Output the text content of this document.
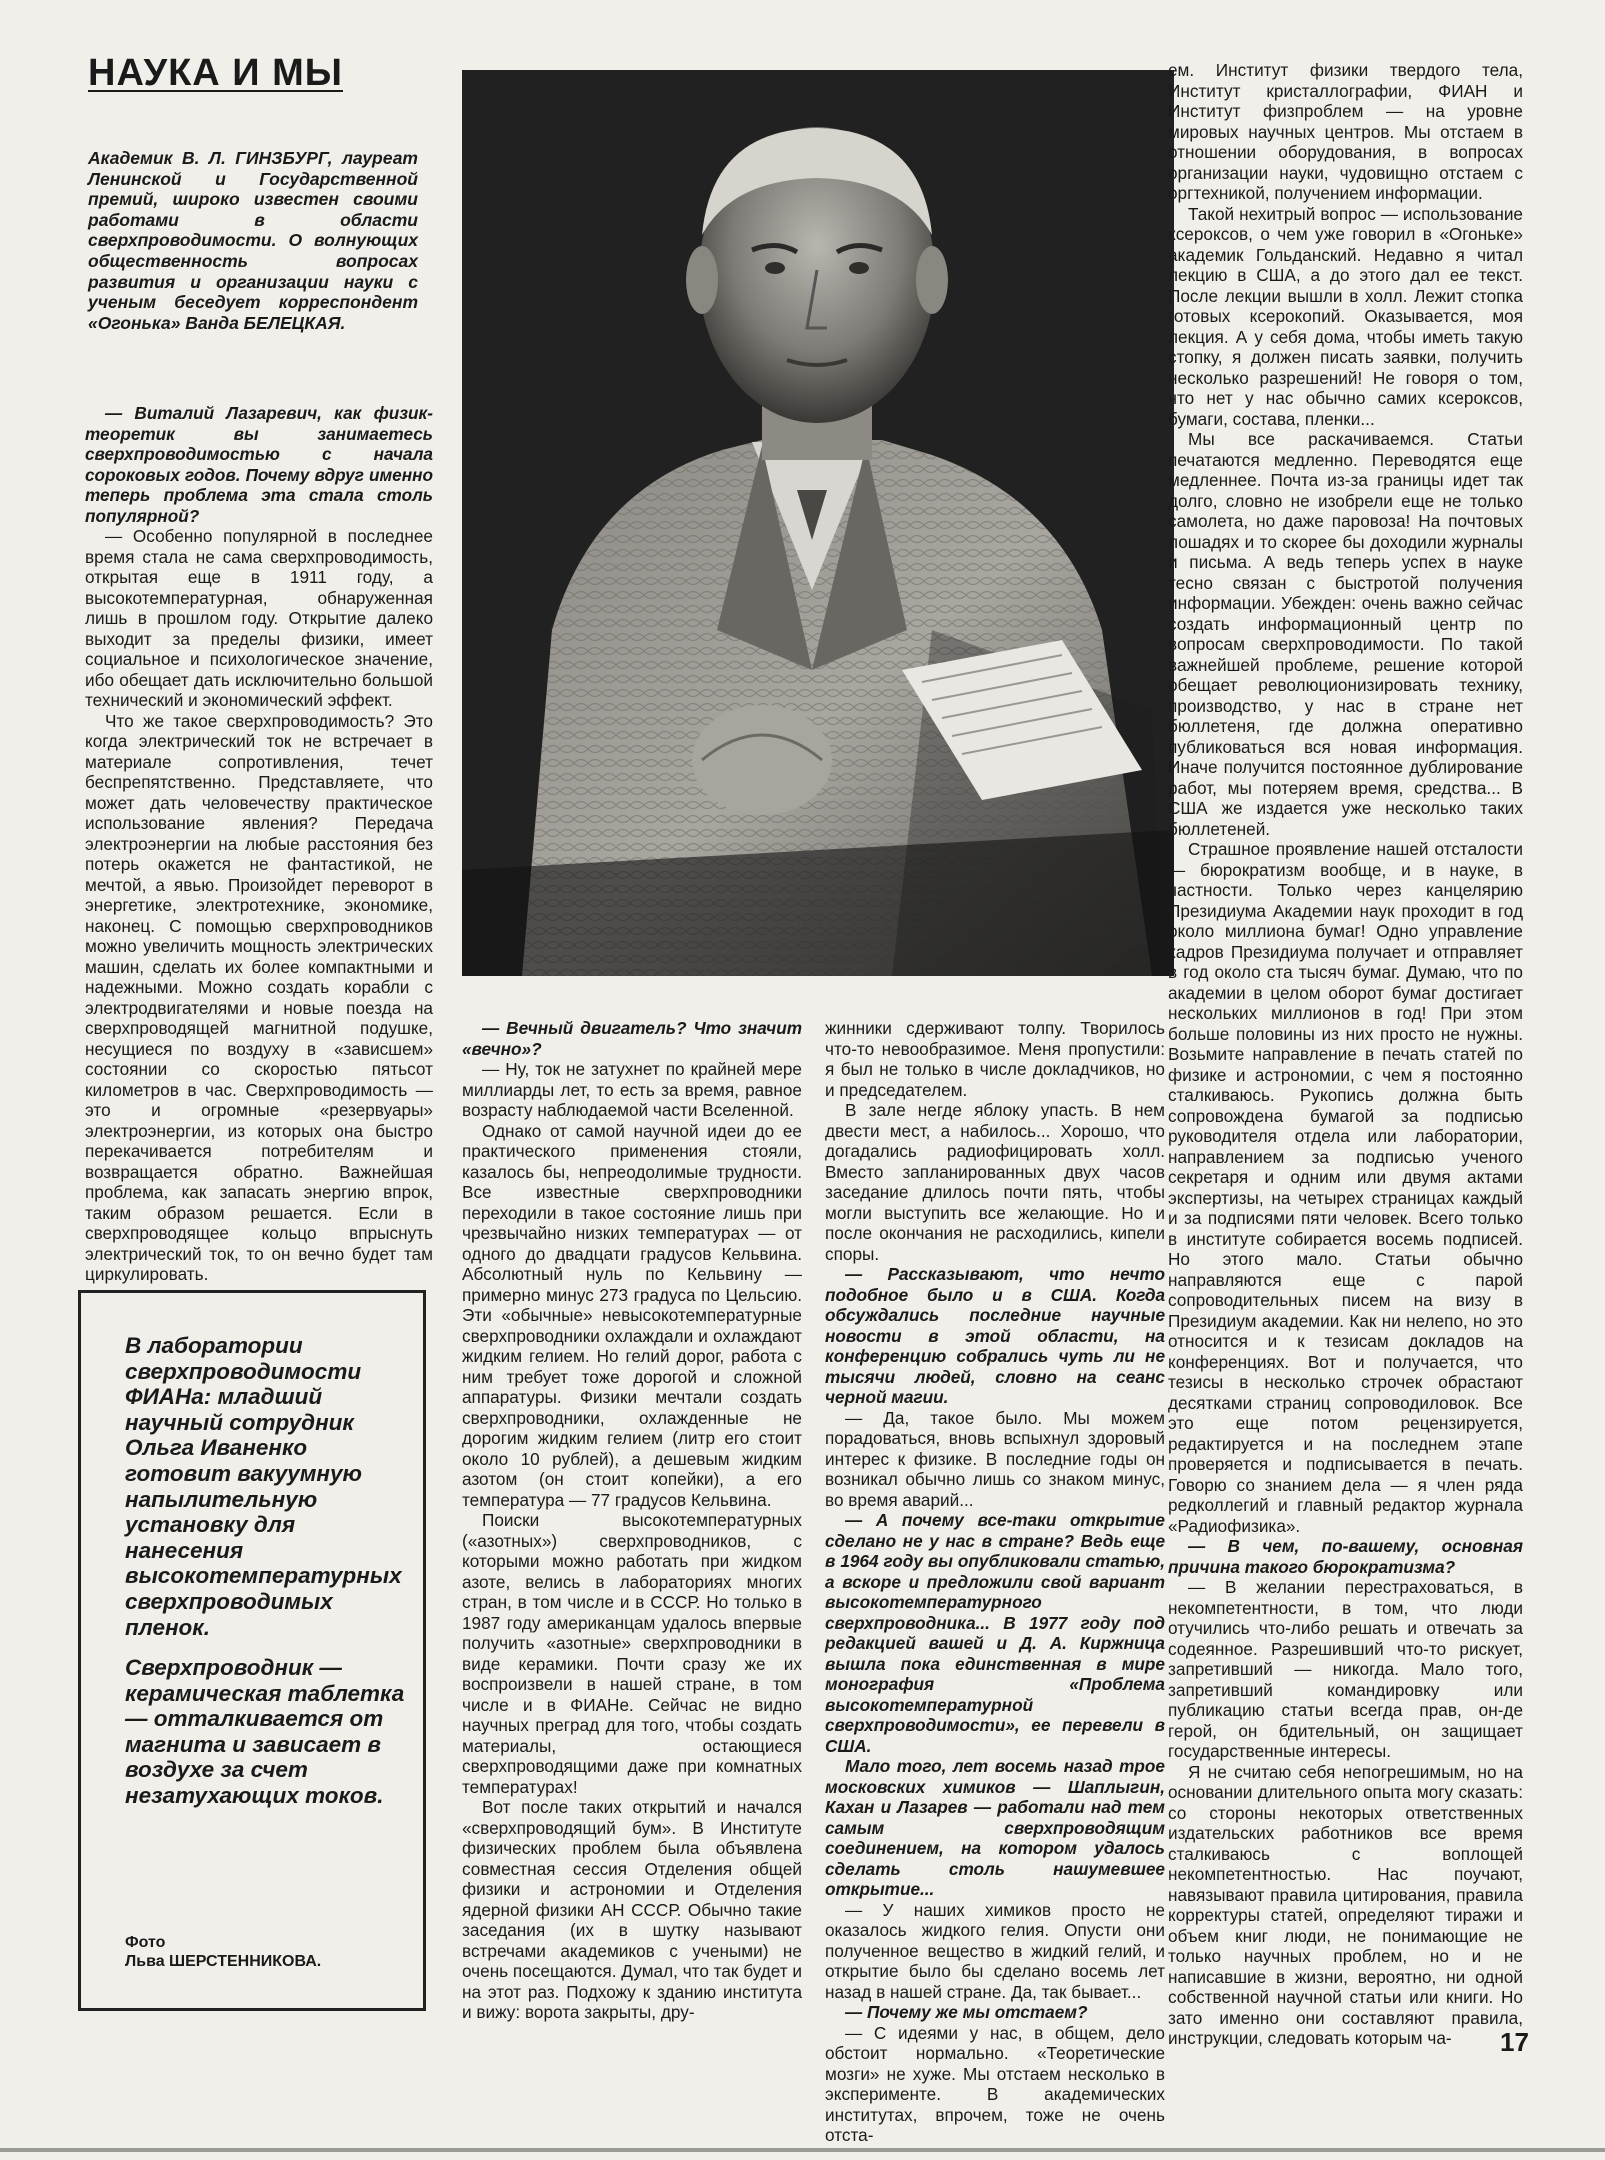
НАУКА И МЫ
Академик В. Л. ГИНЗБУРГ, лауреат Ленинской и Государственной премий, широко известен своими работами в области сверхпроводимости. О волнующих общественность вопросах развития и организации науки с ученым беседует корреспондент «Огонька» Ванда БЕЛЕЦКАЯ.

— Виталий Лазаревич, как физик-теоретик вы занимаетесь сверхпроводимостью с начала сороковых годов. Почему вдруг именно теперь проблема эта стала столь популярной?

— Особенно популярной в последнее время стала не сама сверхпроводимость, открытая еще в 1911 году, а высокотемпературная, обнаруженная лишь в прошлом году. Открытие далеко выходит за пределы физики, имеет социальное и психологическое значение, ибо обещает дать исключительно большой технический и экономический эффект.

Что же такое сверхпроводимость? Это когда электрический ток не встречает в материале сопротивления, течет беспрепятственно. Представляете, что может дать человечеству практическое использование явления? Передача электроэнергии на любые расстояния без потерь окажется не фантастикой, не мечтой, а явью. Произойдет переворот в энергетике, электротехнике, экономике, наконец. С помощью сверхпроводников можно увеличить мощность электрических машин, сделать их более компактными и надежными. Можно создать корабли с электродвигателями и новые поезда на сверхпроводящей магнитной подушке, несущиеся по воздуху в «зависшем» состоянии со скоростью пятьсот километров в час. Сверхпроводимость — это и огромные «резервуары» электроэнергии, из которых она быстро перекачивается потребителям и возвращается обратно. Важнейшая проблема, как запасать энергию впрок, таким образом решается. Если в сверхпроводящее кольцо впрыснуть электрический ток, то он вечно будет там циркулировать.

В лаборатории сверхпроводимости ФИАНа: младший научный сотрудник Ольга Иваненко готовит вакуумную напылительную установку для нанесения высокотемпературных сверхпроводимых пленок.
Сверхпроводник — керамическая таблетка — отталкивается от магнита и зависает в воздухе за счет незатухающих токов.
Фото
Льва ШЕРСТЕННИКОВА.

— Вечный двигатель? Что значит «вечно»?

— Ну, ток не затухнет по крайней мере миллиарды лет, то есть за время, равное возрасту наблюдаемой части Вселенной.

Однако от самой научной идеи до ее практического применения стояли, казалось бы, непреодолимые трудности. Все известные сверхпроводники переходили в такое состояние лишь при чрезвычайно низких температурах — от одного до двадцати градусов Кельвина. Абсолютный нуль по Кельвину — примерно минус 273 градуса по Цельсию. Эти «обычные» невысокотемпературные сверхпроводники охлаждали и охлаждают жидким гелием. Но гелий дорог, работа с ним требует тоже дорогой и сложной аппаратуры. Физики мечтали создать сверхпроводники, охлажденные не дорогим жидким гелием (литр его стоит около 10 рублей), а дешевым жидким азотом (он стоит копейки), а его температура — 77 градусов Кельвина.

Поиски высокотемпературных («азотных») сверхпроводников, с которыми можно работать при жидком азоте, велись в лабораториях многих стран, в том числе и в СССР. Но только в 1987 году американцам удалось впервые получить «азотные» сверхпроводники в виде керамики. Почти сразу же их воспроизвели в нашей стране, в том числе и в ФИАНе. Сейчас не видно научных преград для того, чтобы создать материалы, остающиеся сверхпроводящими даже при комнатных температурах!

Вот после таких открытий и начался «сверхпроводящий бум». В Институте физических проблем была объявлена совместная сессия Отделения общей физики и астрономии и Отделения ядерной физики АН СССР. Обычно такие заседания (их в шутку называют встречами академиков с учеными) не очень посещаются. Думал, что так будет и на этот раз. Подхожу к зданию института и вижу: ворота закрыты, дру-

жинники сдерживают толпу. Творилось что-то невообразимое. Меня пропустили: я был не только в числе докладчиков, но и председателем.

В зале негде яблоку упасть. В нем двести мест, а набилось... Хорошо, что догадались радиофицировать холл. Вместо запланированных двух часов заседание длилось почти пять, чтобы могли выступить все желающие. Но и после окончания не расходились, кипели споры.

— Рассказывают, что нечто подобное было и в США. Когда обсуждались последние научные новости в этой области, на конференцию собрались чуть ли не тысячи людей, словно на сеанс черной магии.

— Да, такое было. Мы можем порадоваться, вновь вспыхнул здоровый интерес к физике. В последние годы он возникал обычно лишь со знаком минус, во время аварий...

— А почему все-таки открытие сделано не у нас в стране? Ведь еще в 1964 году вы опубликовали статью, а вскоре и предложили свой вариант высокотемпературного сверхпроводника... В 1977 году под редакцией вашей и Д. А. Киржница вышла пока единственная в мире монография «Проблема высокотемпературной сверхпроводимости», ее перевели в США.

Мало того, лет восемь назад трое московских химиков — Шаплыгин, Кахан и Лазарев — работали над тем самым сверхпроводящим соединением, на котором удалось сделать столь нашумевшее открытие...

— У наших химиков просто не оказалось жидкого гелия. Опусти они полученное вещество в жидкий гелий, и открытие было бы сделано восемь лет назад в нашей стране. Да, так бывает...

— Почему же мы отстаем?

— С идеями у нас, в общем, дело обстоит нормально. «Теоретические мозги» не хуже. Мы отстаем несколько в эксперименте. В академических институтах, впрочем, тоже не очень отста-

ем. Институт физики твердого тела, Институт кристаллографии, ФИАН и Институт физпроблем — на уровне мировых научных центров. Мы отстаем в отношении оборудования, в вопросах организации науки, чудовищно отстаем с оргтехникой, получением информации.

Такой нехитрый вопрос — использование ксероксов, о чем уже говорил в «Огоньке» академик Гольданский. Недавно я читал лекцию в США, а до этого дал ее текст. После лекции вышли в холл. Лежит стопка готовых ксерокопий. Оказывается, моя лекция. А у себя дома, чтобы иметь такую стопку, я должен писать заявки, получить несколько разрешений! Не говоря о том, что нет у нас обычно самих ксероксов, бумаги, состава, пленки...

Мы все раскачиваемся. Статьи печатаются медленно. Переводятся еще медленнее. Почта из-за границы идет так долго, словно не изобрели еще не только самолета, но даже паровоза! На почтовых лошадях и то скорее бы доходили журналы и письма. А ведь теперь успех в науке тесно связан с быстротой получения информации. Убежден: очень важно сейчас создать информационный центр по вопросам сверхпроводимости. По такой важнейшей проблеме, решение которой обещает революционизировать технику, производство, у нас в стране нет бюллетеня, где должна оперативно публиковаться вся новая информация. Иначе получится постоянное дублирование работ, мы потеряем время, средства... В США же издается уже несколько таких бюллетеней.

Страшное проявление нашей отсталости — бюрократизм вообще, и в науке, в частности. Только через канцелярию Президиума Академии наук проходит в год около миллиона бумаг! Одно управление кадров Президиума получает и отправляет в год около ста тысяч бумаг. Думаю, что по академии в целом оборот бумаг достигает нескольких миллионов в год! При этом больше половины из них просто не нужны. Возьмите направление в печать статей по физике и астрономии, с чем я постоянно сталкиваюсь. Рукопись должна быть сопровождена бумагой за подписью руководителя отдела или лаборатории, направлением за подписью ученого секретаря и одним или двумя актами экспертизы, на четырех страницах каждый и за подписями пяти человек. Всего только в институте собирается восемь подписей. Но этого мало. Статьи обычно направляются еще с парой сопроводительных писем на визу в Президиум академии. Как ни нелепо, но это относится и к тезисам докладов на конференциях. Вот и получается, что тезисы в несколько строчек обрастают десятками страниц сопроводиловок. Все это еще потом рецензируется, редактируется и на последнем этапе проверяется и подписывается в печать. Говорю со знанием дела — я член ряда редколлегий и главный редактор журнала «Радиофизика».

— В чем, по-вашему, основная причина такого бюрократизма?

— В желании перестраховаться, в некомпетентности, в том, что люди отучились что-либо решать и отвечать за содеянное. Разрешивший что-то рискует, запретивший — никогда. Мало того, запретивший командировку или публикацию статьи всегда прав, он-де герой, он бдительный, он защищает государственные интересы.

Я не считаю себя непогрешимым, но на основании длительного опыта могу сказать: со стороны некоторых ответственных издательских работников все время сталкиваюсь с воплощей некомпетентностью. Нас поучают, навязывают правила цитирования, правила корректуры статей, определяют тиражи и объем книг люди, не понимающие не только научных проблем, но и не написавшие в жизни, вероятно, ни одной собственной научной статьи или книги. Но зато именно они составляют правила, инструкции, следовать которым ча-	17
